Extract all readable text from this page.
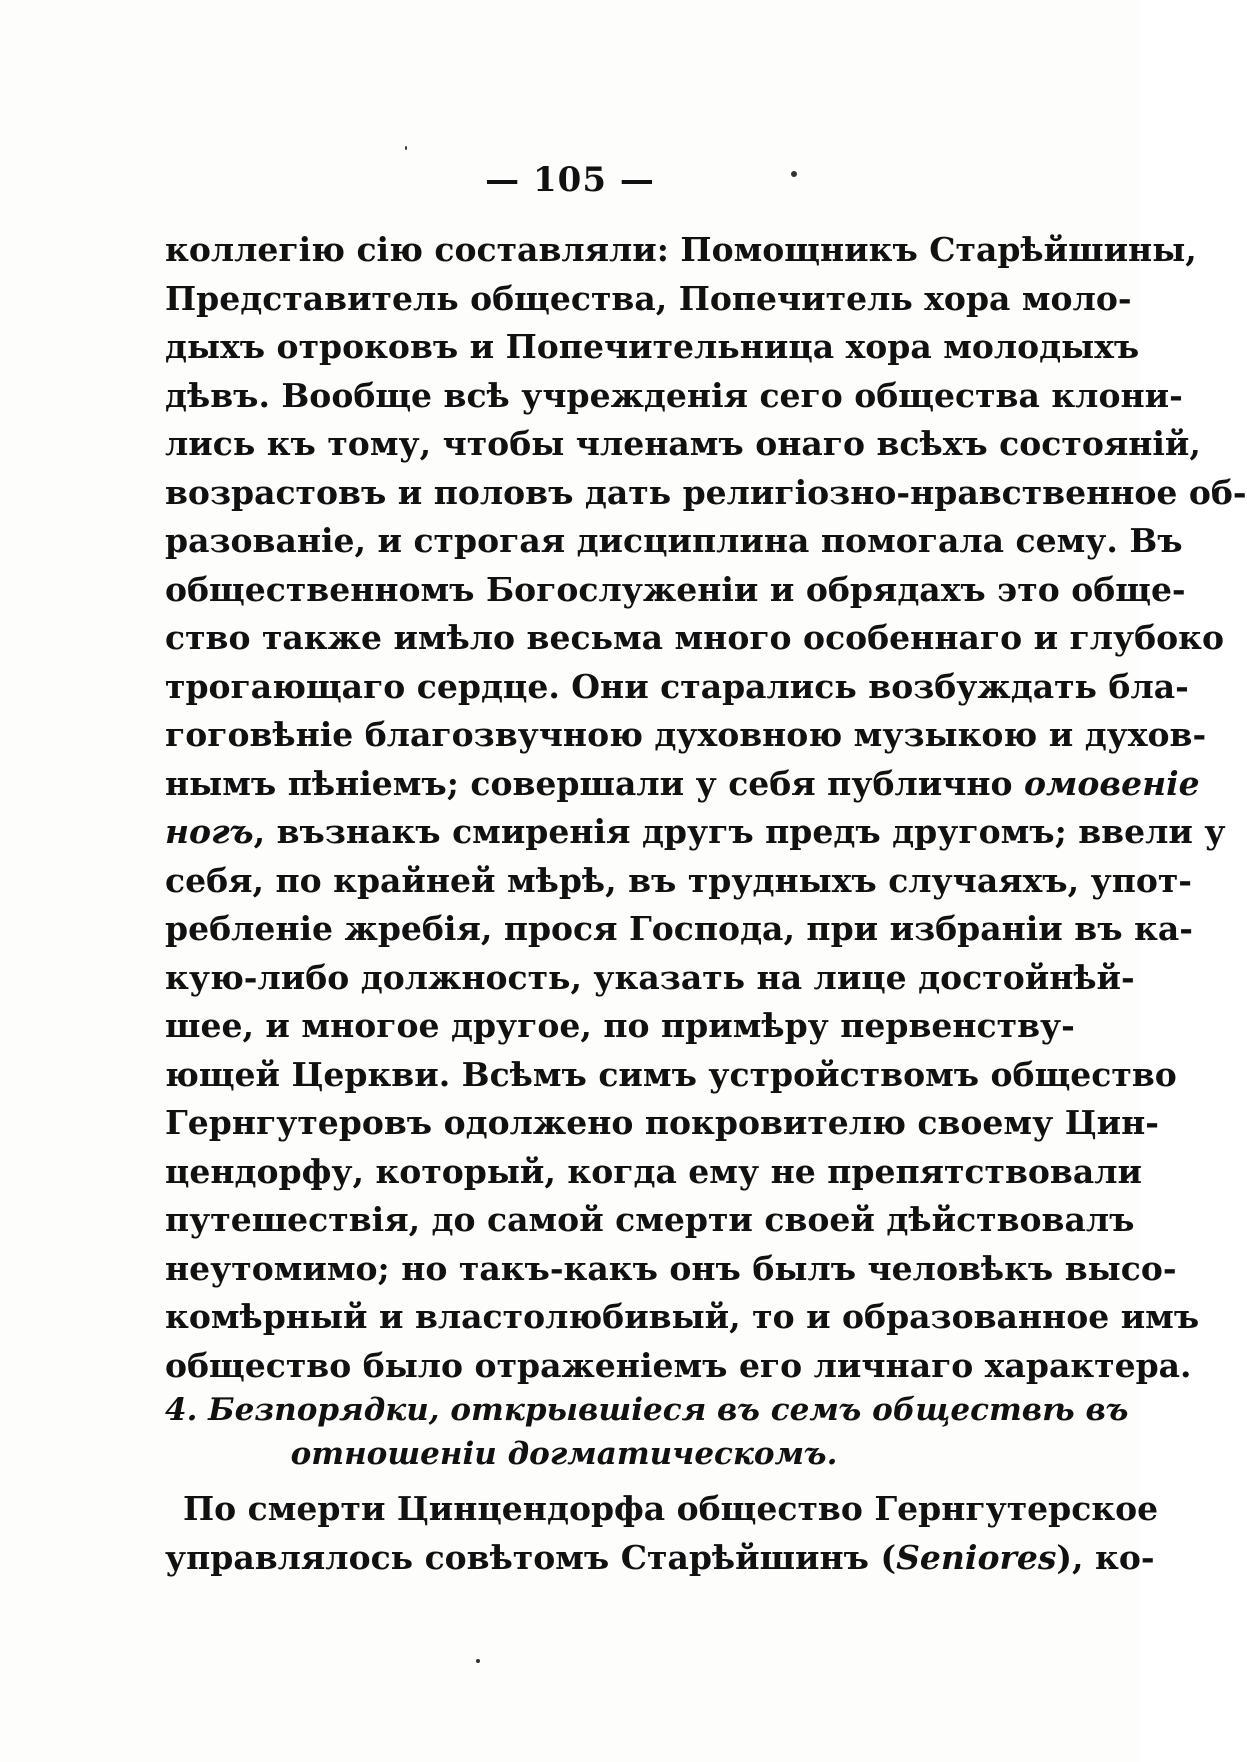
— 105 —
коллегію сію составляли: Помощникъ Старѣйшины,
Представитель общества, Попечитель хора моло-
дыхъ отроковъ и Попечительница хора молодыхъ
дѣвъ. Вообще всѣ учрежденія сего общества клони-
лись къ тому, чтобы членамъ онаго всѣхъ состояній,
возрастовъ и половъ дать религіозно-нравственное об-
разованіе, и строгая дисциплина помогала сему. Въ
общественномъ Богослуженіи и обрядахъ это обще-
ство также имѣло весьма много особеннаго и глубоко
трогающаго сердце. Они старались возбуждать бла-
гоговѣніе благозвучною духовною музыкою и духов-
нымъ пѣніемъ; совершали у себя публично омовеніе
ногъ, възнакъ смиренія другъ предъ другомъ; ввели у
себя, по крайней мѣрѣ, въ трудныхъ случаяхъ, упот-
ребленіе жребія, прося Господа, при избраніи въ ка-
кую-либо должность, указать на лице достойнѣй-
шее, и многое другое, по примѣру первенству-
ющей Церкви. Всѣмъ симъ устройствомъ общество
Гернгутеровъ одолжено покровителю своему Цин-
цендорфу, который, когда ему не препятствовали
путешествія, до самой смерти своей дѣйствовалъ
неутомимо; но такъ-какъ онъ былъ человѣкъ высо-
комѣрный и властолюбивый, то и образованное имъ
общество было отраженіемъ его личнаго характера.
4. Безпорядки, открывшіеся въ семъ обществѣ въ
отношеніи догматическомъ.
По смерти Цинцендорфа общество Гернгутерское
управлялось совѣтомъ Старѣйшинъ (Seniores), ко-
